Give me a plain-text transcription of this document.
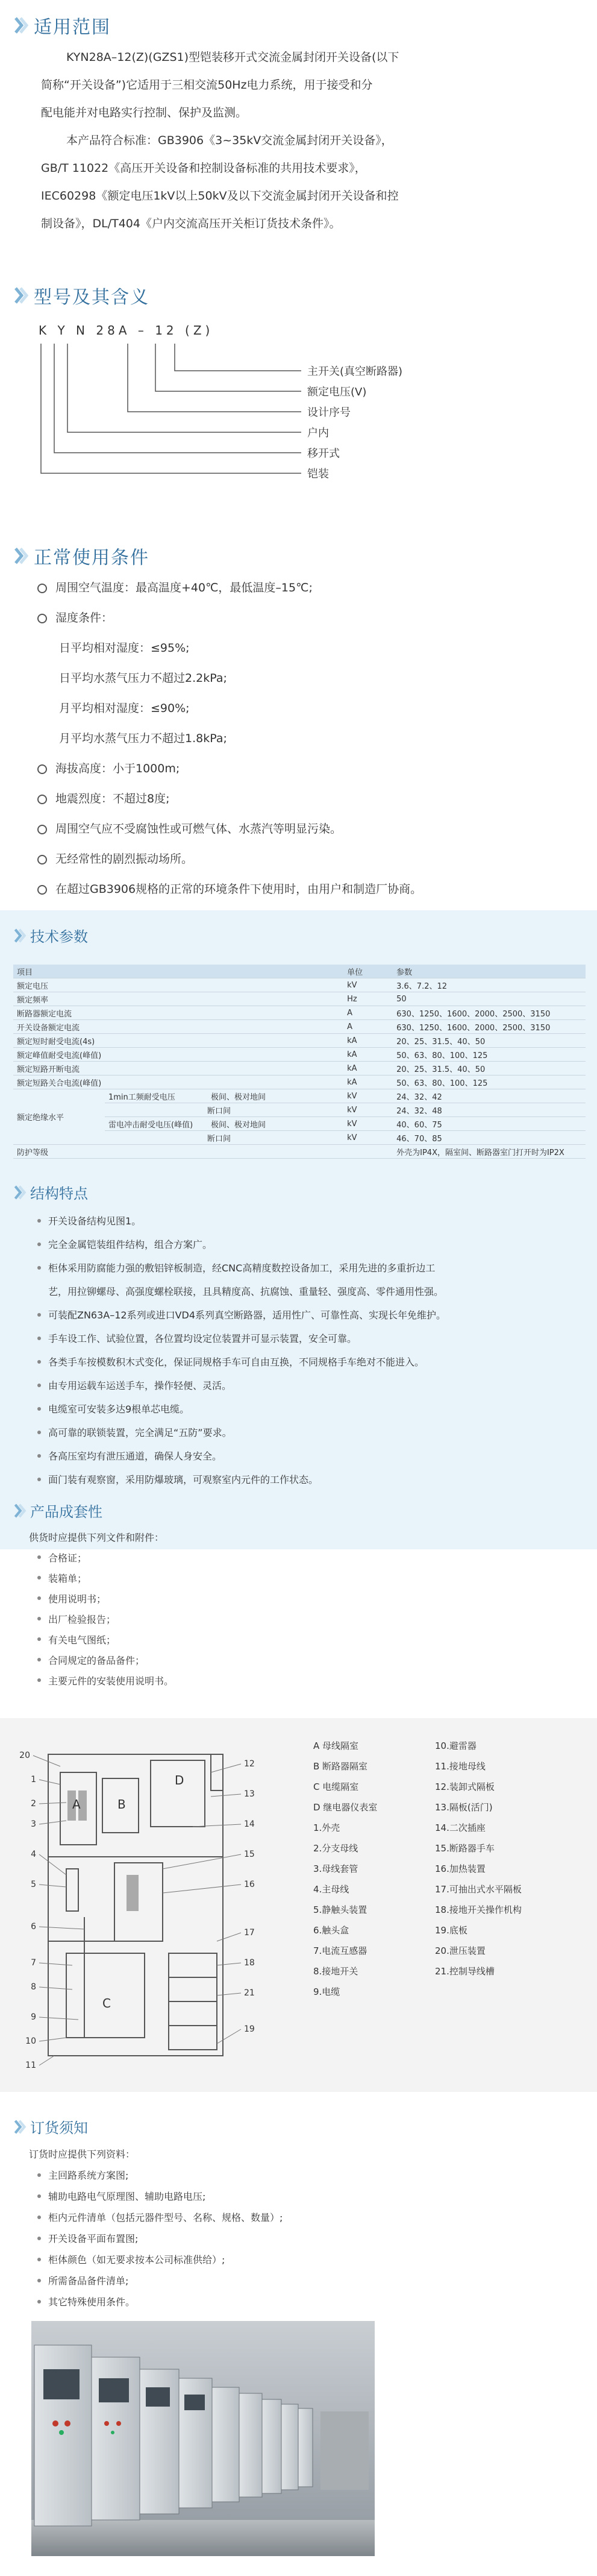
适用范围
KYN28A–12(Z)(GZS1)型铠装移开式交流金属封闭开关设备(以下
简称“开关设备”)它适用于三相交流50Hz电力系统，用于接受和分
配电能并对电路实行控制、保护及监测。
本产品符合标准：GB3906《3~35kV交流金属封闭开关设备》，
GB/T 11022《高压开关设备和控制设备标准的共用技术要求》，
IEC60298《额定电压1kV以上50kV及以下交流金属封闭开关设备和控
制设备》，DL/T404《户内交流高压开关柜订货技术条件》。
型号及其含义
K Y N 28A – 12 (Z)
主开关(真空断路器)
额定电压(V)
设计序号
户内
移开式
铠装
正常使用条件
周围空气温度：最高温度+40℃，最低温度–15℃;
湿度条件：
日平均相对湿度：≤95%;
日平均水蒸气压力不超过2.2kPa;
月平均相对湿度：≤90%;
月平均水蒸气压力不超过1.8kPa;
海拔高度：小于1000m;
地震烈度：不超过8度;
周围空气应不受腐蚀性或可燃气体、水蒸汽等明显污染。
无经常性的剧烈振动场所。
在超过GB3906规格的正常的环境条件下使用时，由用户和制造厂协商。
技术参数
项目		单位	参数
额定电压		kV	3.6、7.2、12
额定频率		Hz	50
断路器额定电流		A	630、1250、1600、2000、2500、3150
开关设备额定电流		A	630、1250、1600、2000、2500、3150
额定短时耐受电流(4s)		kA	20、25、31.5、40、50
额定峰值耐受电流(峰值)		kA	50、63、80、100、125
额定短路开断电流		kA	20、25、31.5、40、50
额定短路关合电流(峰值)		kA	50、63、80、100、125
额定绝缘水平	1min工频耐受电压 极间、极对地间	kV	24、32、42

	断口间	kV	24、32、48

	雷电冲击耐受电压(峰值) 极间、极对地间	kV	40、60、75

	断口间	kV	46、70、85
防护等级			外壳为IP4X，隔室间、断路器室门打开时为IP2X
结构特点
开关设备结构见图1。
完全金属铠装组件结构，组合方案广。
柜体采用防腐能力强的敷铝锌板制造，经CNC高精度数控设备加工，采用先进的多重折边工
艺，用拉铆螺母、高强度螺栓联接，且具精度高、抗腐蚀、重量轻、强度高、零件通用性强。
可装配ZN63A–12系列或进口VD4系列真空断路器，适用性广、可靠性高、实现长年免维护。
手车设工作、试验位置，各位置均设定位装置并可显示装置，安全可靠。
各类手车按模数积木式变化，保证同规格手车可自由互换，不同规格手车绝对不能进入。
由专用运载车运送手车，操作轻便、灵活。
电缆室可安装多达9根单芯电缆。
高可靠的联锁装置，完全满足“五防”要求。
各高压室均有泄压通道，确保人身安全。
面门装有观察窗，采用防爆玻璃，可观察室内元件的工作状态。
产品成套性
供货时应提供下列文件和附件：
合格证；
装箱单；
使用说明书；
出厂检验报告；
有关电气图纸；
合同规定的备品备件；
主要元件的安装使用说明书。
A	B
C
D
20
1
2
3
4
5
6
7
8
9
10
11
12
13
14
15
16
17
18
21
19
A 母线隔室
B 断路器隔室
C 电缆隔室
D 继电器仪表室
1.外壳
2.分支母线
3.母线套管
4.主母线
5.静触头装置
6.触头盒
7.电流互感器
8.接地开关
9.电缆
10.避雷器
11.接地母线
12.装卸式隔板
13.隔板(活门)
14.二次插座
15.断路器手车
16.加热装置
17.可抽出式水平隔板
18.接地开关操作机构
19.底板
20.泄压装置
21.控制导线槽
订货须知
订货时应提供下列资料：
主回路系统方案图;
辅助电路电气原理图、辅助电路电压;
柜内元件清单（包括元器件型号、名称、规格、数量）;
开关设备平面布置图;
柜体颜色（如无要求按本公司标准供给）;
所需备品备件清单;
其它特殊使用条件。
